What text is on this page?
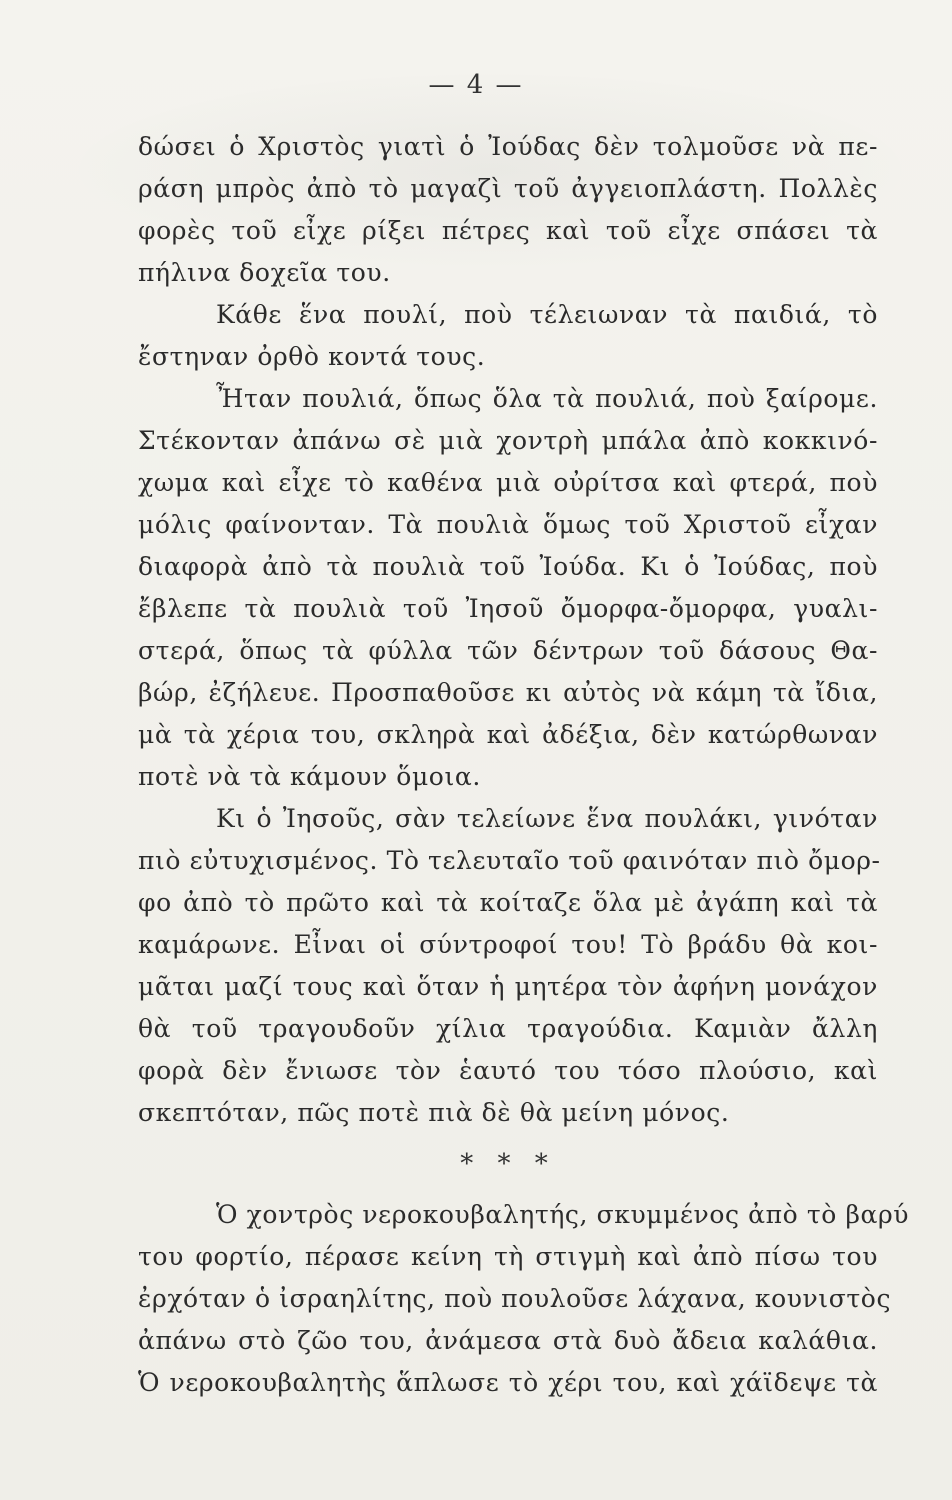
— 4 —
δώσει ὁ Χριστὸς γιατὶ ὁ Ἰούδας δὲν τολμοῦσε νὰ πε-
ράση μπρὸς ἀπὸ τὸ μαγαζὶ τοῦ ἀγγειοπλάστη. Πολλὲς
φορὲς τοῦ εἶχε ρίξει πέτρες καὶ τοῦ εἶχε σπάσει τὰ
πήλινα δοχεῖα του.
Κάθε ἕνα πουλί, ποὺ τέλειωναν τὰ παιδιά, τὸ
ἔστηναν ὀρθὸ κοντά τους.
Ἦταν πουλιά, ὅπως ὅλα τὰ πουλιά, ποὺ ξαίρομε.
Στέκονταν ἀπάνω σὲ μιὰ χοντρὴ μπάλα ἀπὸ κοκκινό-
χωμα καὶ εἶχε τὸ καθένα μιὰ οὐρίτσα καὶ φτερά, ποὺ
μόλις φαίνονταν. Τὰ πουλιὰ ὅμως τοῦ Χριστοῦ εἶχαν
διαφορὰ ἀπὸ τὰ πουλιὰ τοῦ Ἰούδα. Κι ὁ Ἰούδας, ποὺ
ἔβλεπε τὰ πουλιὰ τοῦ Ἰησοῦ ὄμορφα-ὄμορφα, γυαλι-
στερά, ὅπως τὰ φύλλα τῶν δέντρων τοῦ δάσους Θα-
βώρ, ἐζήλευε. Προσπαθοῦσε κι αὐτὸς νὰ κάμη τὰ ἴδια,
μὰ τὰ χέρια του, σκληρὰ καὶ ἀδέξια, δὲν κατώρθωναν
ποτὲ νὰ τὰ κάμουν ὅμοια.
Κι ὁ Ἰησοῦς, σὰν τελείωνε ἕνα πουλάκι, γινόταν
πιὸ εὐτυχισμένος. Τὸ τελευταῖο τοῦ φαινόταν πιὸ ὄμορ-
φο ἀπὸ τὸ πρῶτο καὶ τὰ κοίταζε ὅλα μὲ ἀγάπη καὶ τὰ
καμάρωνε. Εἶναι οἱ σύντροφοί του! Τὸ βράδυ θὰ κοι-
μᾶται μαζί τους καὶ ὅταν ἡ μητέρα τὸν ἀφήνη μονάχον
θὰ τοῦ τραγουδοῦν χίλια τραγούδια. Καμιὰν ἄλλη
φορὰ δὲν ἔνιωσε τὸν ἑαυτό του τόσο πλούσιο, καὶ
σκεπτόταν, πῶς ποτὲ πιὰ δὲ θὰ μείνη μόνος.
* * *
Ὁ χοντρὸς νεροκουβαλητής, σκυμμένος ἀπὸ τὸ βαρύ
του φορτίο, πέρασε κείνη τὴ στιγμὴ καὶ ἀπὸ πίσω του
ἐρχόταν ὁ ἰσραηλίτης, ποὺ πουλοῦσε λάχανα, κουνιστὸς
ἀπάνω στὸ ζῶο του, ἀνάμεσα στὰ δυὸ ἄδεια καλάθια.
Ὁ νεροκουβαλητὴς ἅπλωσε τὸ χέρι του, καὶ χάϊδεψε τὰ
